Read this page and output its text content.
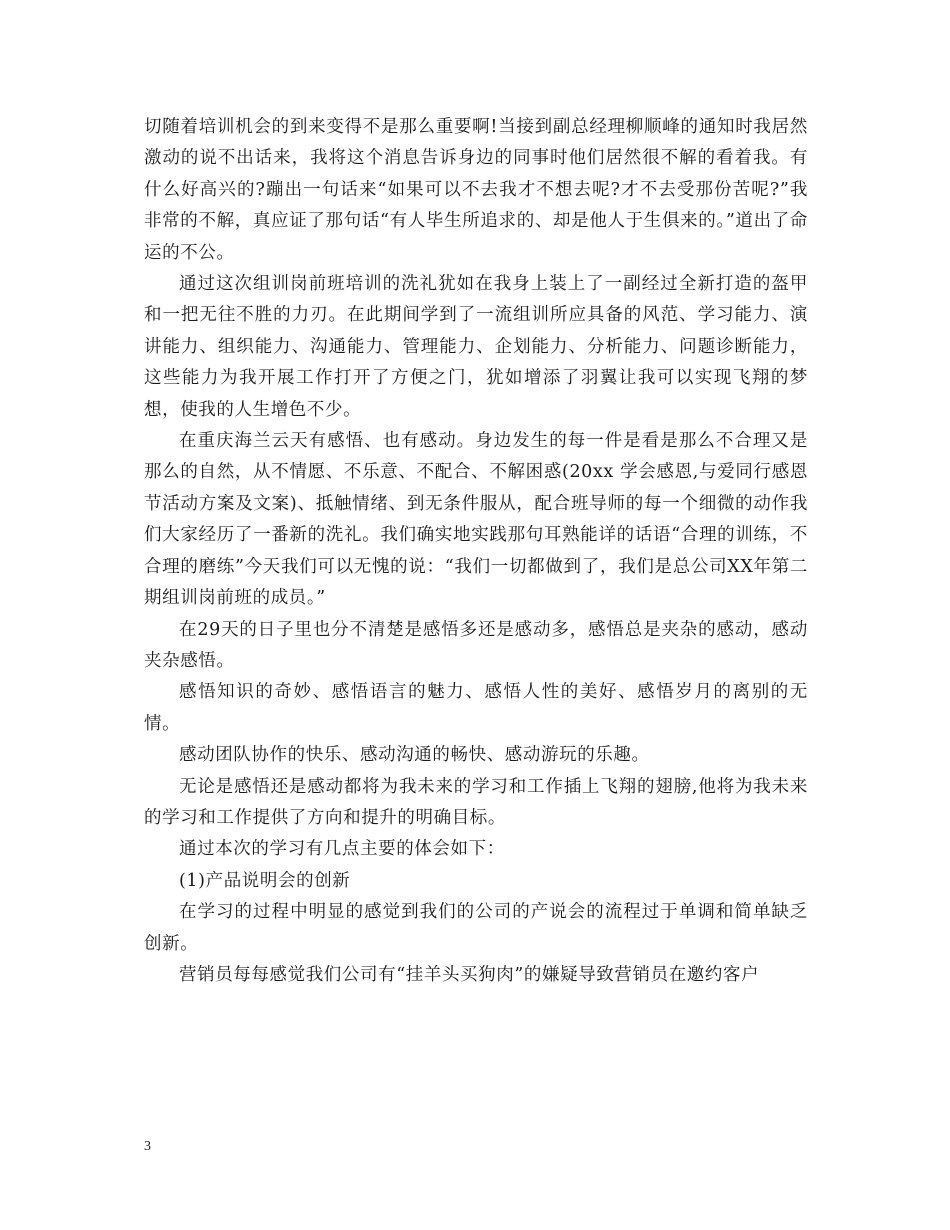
切随着培训机会的到来变得不是那么重要啊!当接到副总经理柳顺峰的通知时我居然激动的说不出话来，我将这个消息告诉身边的同事时他们居然很不解的看着我。有什么好高兴的?蹦出一句话来“如果可以不去我才不想去呢?才不去受那份苦呢?”我非常的不解，真应证了那句话“有人毕生所追求的、却是他人于生俱来的。”道出了命运的不公。

通过这次组训岗前班培训的洗礼犹如在我身上装上了一副经过全新打造的盔甲和一把无往不胜的力刃。在此期间学到了一流组训所应具备的风范、学习能力、演讲能力、组织能力、沟通能力、管理能力、企划能力、分析能力、问题诊断能力，这些能力为我开展工作打开了方便之门，犹如增添了羽翼让我可以实现飞翔的梦想，使我的人生增色不少。

在重庆海兰云天有感悟、也有感动。身边发生的每一件是看是那么不合理又是那么的自然，从不情愿、不乐意、不配合、不解困惑(20xx 学会感恩,与爱同行感恩节活动方案及文案)、抵触情绪、到无条件服从，配合班导师的每一个细微的动作我们大家经历了一番新的洗礼。我们确实地实践那句耳熟能详的话语“合理的训练，不合理的磨练”今天我们可以无愧的说：“我们一切都做到了，我们是总公司XX年第二期组训岗前班的成员。”

在29天的日子里也分不清楚是感悟多还是感动多，感悟总是夹杂的感动，感动夹杂感悟。

感悟知识的奇妙、感悟语言的魅力、感悟人性的美好、感悟岁月的离别的无情。

感动团队协作的快乐、感动沟通的畅快、感动游玩的乐趣。

无论是感悟还是感动都将为我未来的学习和工作插上飞翔的翅膀,他将为我未来的学习和工作提供了方向和提升的明确目标。

通过本次的学习有几点主要的体会如下：

(1)产品说明会的创新

在学习的过程中明显的感觉到我们的公司的产说会的流程过于单调和简单缺乏创新。

营销员每每感觉我们公司有“挂羊头买狗肉”的嫌疑导致营销员在邀约客户

3
